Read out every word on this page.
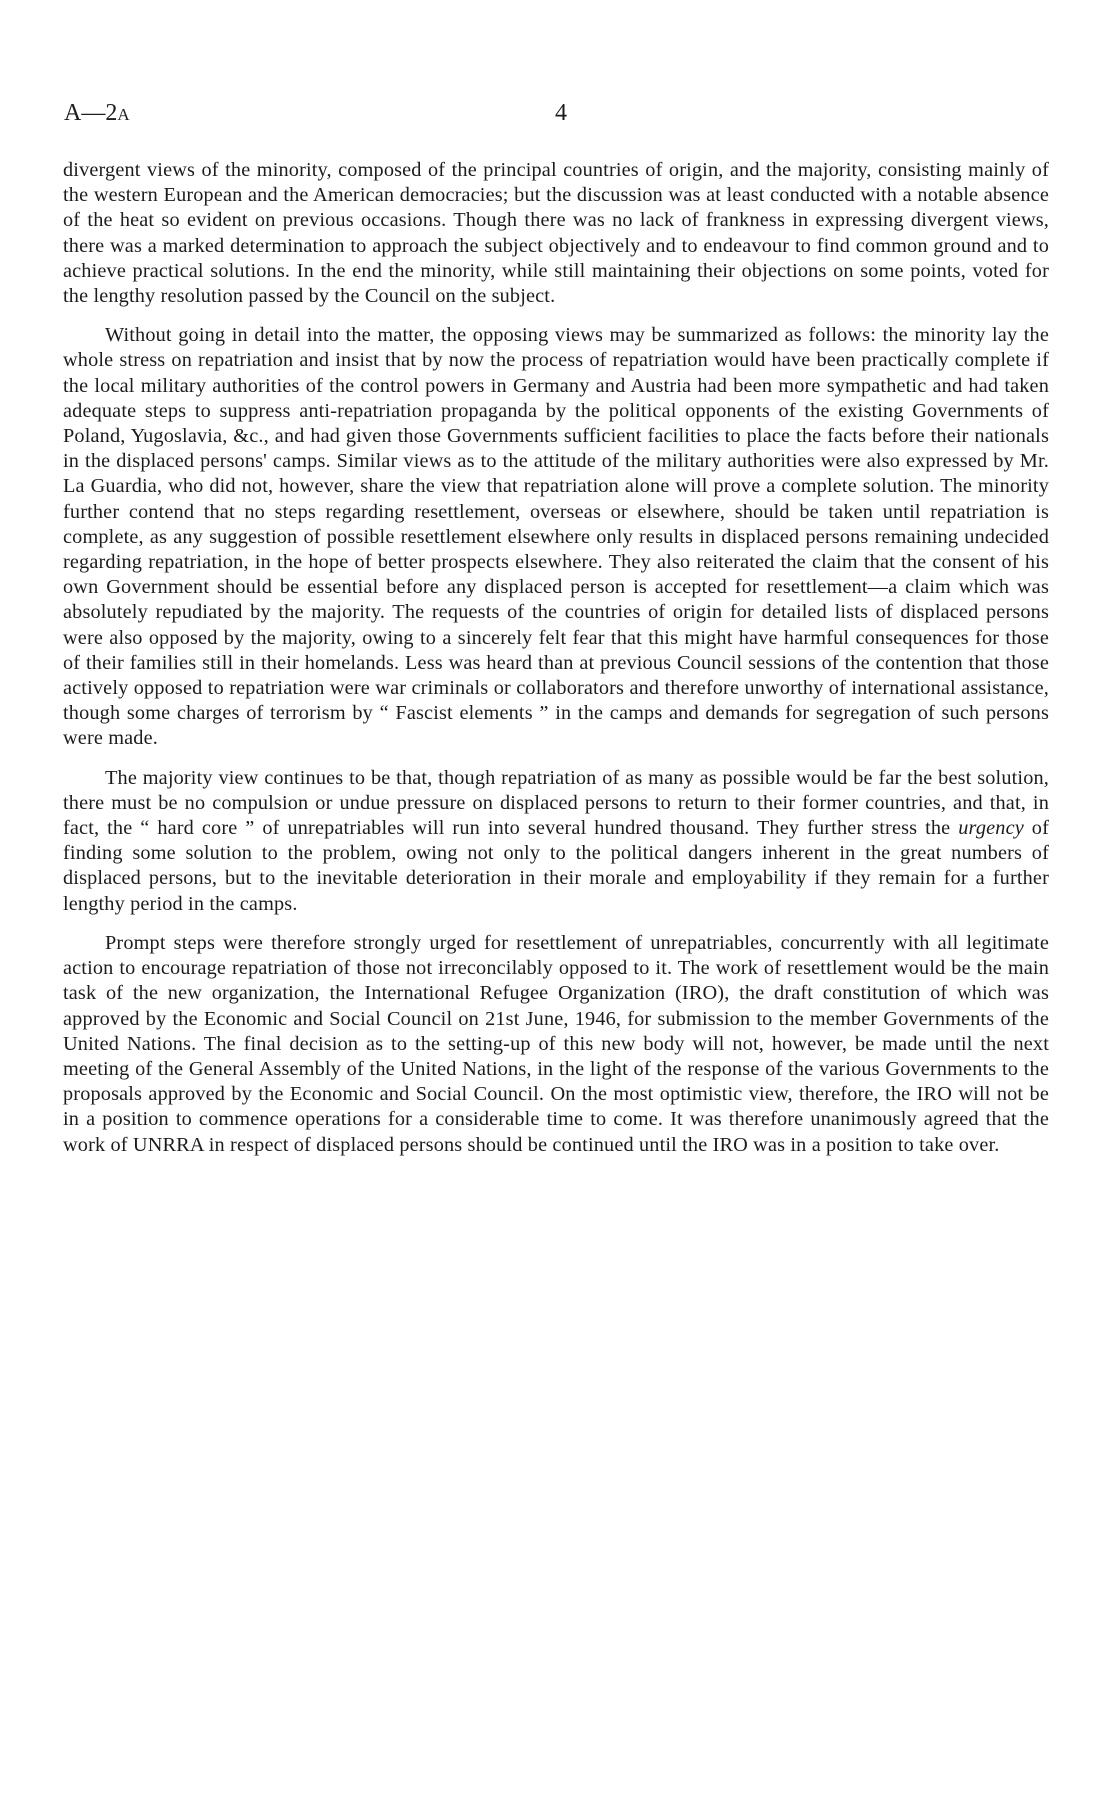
A—2A	4

divergent views of the minority, composed of the principal countries of origin, and the majority, consisting mainly of the western European and the American democracies; but the discussion was at least conducted with a notable absence of the heat so evident on previous occasions. Though there was no lack of frankness in expressing divergent views, there was a marked determination to approach the subject objectively and to endeavour to find common ground and to achieve practical solutions. In the end the minority, while still maintaining their objections on some points, voted for the lengthy resolution passed by the Council on the subject.

Without going in detail into the matter, the opposing views may be summarized as follows: the minority lay the whole stress on repatriation and insist that by now the process of repatriation would have been practically complete if the local military authorities of the control powers in Germany and Austria had been more sympathetic and had taken adequate steps to suppress anti-repatriation propaganda by the political opponents of the existing Governments of Poland, Yugoslavia, &c., and had given those Governments sufficient facilities to place the facts before their nationals in the displaced persons' camps. Similar views as to the attitude of the military authorities were also expressed by Mr. La Guardia, who did not, however, share the view that repatriation alone will prove a complete solution. The minority further contend that no steps regarding resettlement, overseas or elsewhere, should be taken until repatriation is complete, as any suggestion of possible resettlement elsewhere only results in displaced persons remaining undecided regarding repatriation, in the hope of better prospects elsewhere. They also reiterated the claim that the consent of his own Government should be essential before any displaced person is accepted for resettlement—a claim which was absolutely repudiated by the majority. The requests of the countries of origin for detailed lists of displaced persons were also opposed by the majority, owing to a sincerely felt fear that this might have harmful consequences for those of their families still in their homelands. Less was heard than at previous Council sessions of the contention that those actively opposed to repatriation were war criminals or collaborators and therefore unworthy of international assistance, though some charges of terrorism by “ Fascist elements ” in the camps and demands for segregation of such persons were made.

The majority view continues to be that, though repatriation of as many as possible would be far the best solution, there must be no compulsion or undue pressure on displaced persons to return to their former countries, and that, in fact, the “ hard core ” of unrepatriables will run into several hundred thousand. They further stress the urgency of finding some solution to the problem, owing not only to the political dangers inherent in the great numbers of displaced persons, but to the inevitable deterioration in their morale and employability if they remain for a further lengthy period in the camps.

Prompt steps were therefore strongly urged for resettlement of unrepatriables, concurrently with all legitimate action to encourage repatriation of those not irreconcilably opposed to it. The work of resettlement would be the main task of the new organization, the International Refugee Organization (IRO), the draft constitution of which was approved by the Economic and Social Council on 21st June, 1946, for submission to the member Governments of the United Nations. The final decision as to the setting-up of this new body will not, however, be made until the next meeting of the General Assembly of the United Nations, in the light of the response of the various Governments to the proposals approved by the Economic and Social Council. On the most optimistic view, therefore, the IRO will not be in a position to commence operations for a considerable time to come. It was therefore unanimously agreed that the work of UNRRA in respect of displaced persons should be continued until the IRO was in a position to take over.
